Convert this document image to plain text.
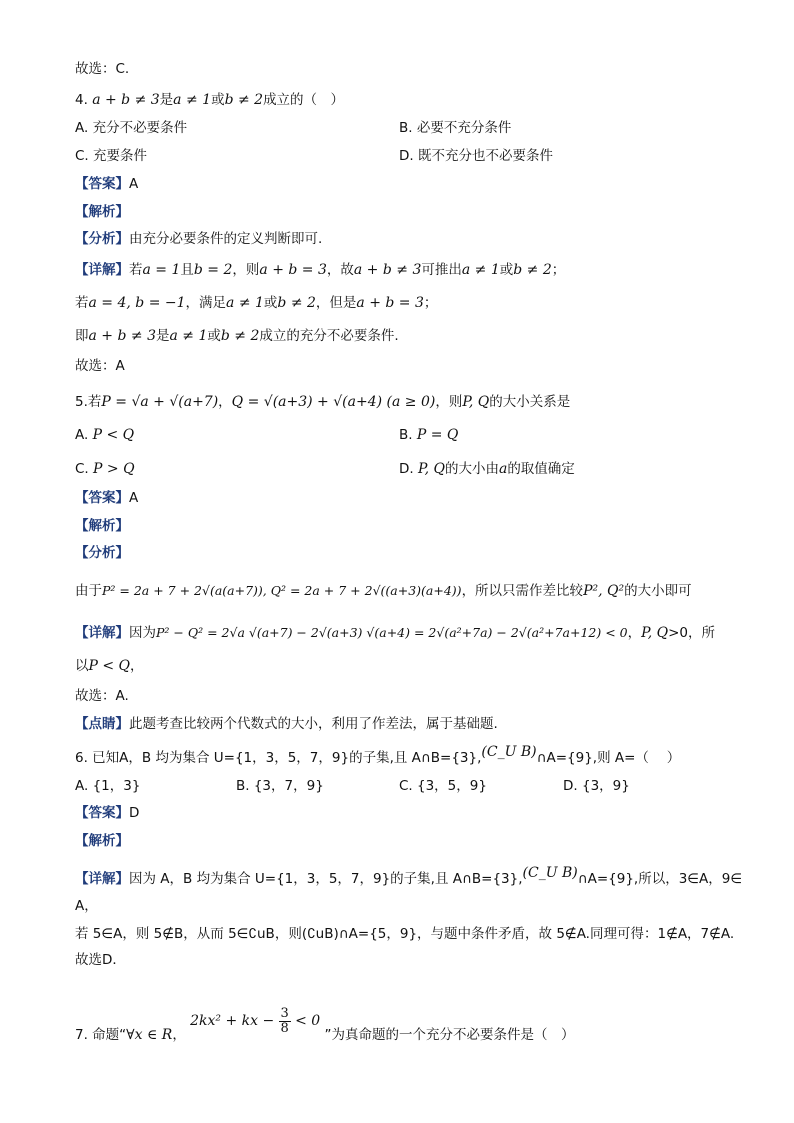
故选：C.
4. a + b ≠ 3是a ≠ 1或b ≠ 2成立的（　）
A. 充分不必要条件	B. 必要不充分条件
C. 充要条件	D. 既不充分也不必要条件
【答案】A
【解析】
【分析】由充分必要条件的定义判断即可.
【详解】若a = 1且b = 2，则a + b = 3，故a + b ≠ 3可推出a ≠ 1或b ≠ 2；
若a = 4, b = −1，满足a ≠ 1或b ≠ 2，但是a + b = 3；
即a + b ≠ 3是a ≠ 1或b ≠ 2成立的充分不必要条件.
故选：A
5.若P = √a + √(a+7)，Q = √(a+3) + √(a+4) (a ≥ 0)，则P, Q的大小关系是
A. P < Q	B. P = Q
C. P > Q	D. P, Q的大小由a的取值确定
【答案】A
【解析】
【分析】
由于P² = 2a + 7 + 2√(a(a+7)), Q² = 2a + 7 + 2√((a+3)(a+4))，所以只需作差比较P², Q²的大小即可
【详解】因为P² − Q² = 2√a √(a+7) − 2√(a+3) √(a+4) = 2√(a²+7a) − 2√(a²+7a+12) < 0，P, Q>0，所
以P < Q，
故选：A.
【点睛】此题考查比较两个代数式的大小，利用了作差法，属于基础题.
6. 已知A，B 均为集合 U={1，3，5，7，9}的子集,且 A∩B={3},(C_U B)∩A={9},则 A=（　 ）
A. {1，3}	B. {3，7，9}	C. {3，5，9}	D. {3，9}
【答案】D
【解析】
【详解】因为 A，B 均为集合 U={1，3，5，7，9}的子集,且 A∩B={3},(C_U B)∩A={9},所以，3∈A，9∈
A，
若 5∈A，则 5∉B，从而 5∈∁uB，则(∁uB)∩A={5，9}，与题中条件矛盾，故 5∉A.同理可得：1∉A，7∉A.
故选D．
7. 命题“∀x ∈ R， 2kx² + kx − $\frac{3}{8} < 0$ ”为真命题的一个充分不必要条件是（　）
